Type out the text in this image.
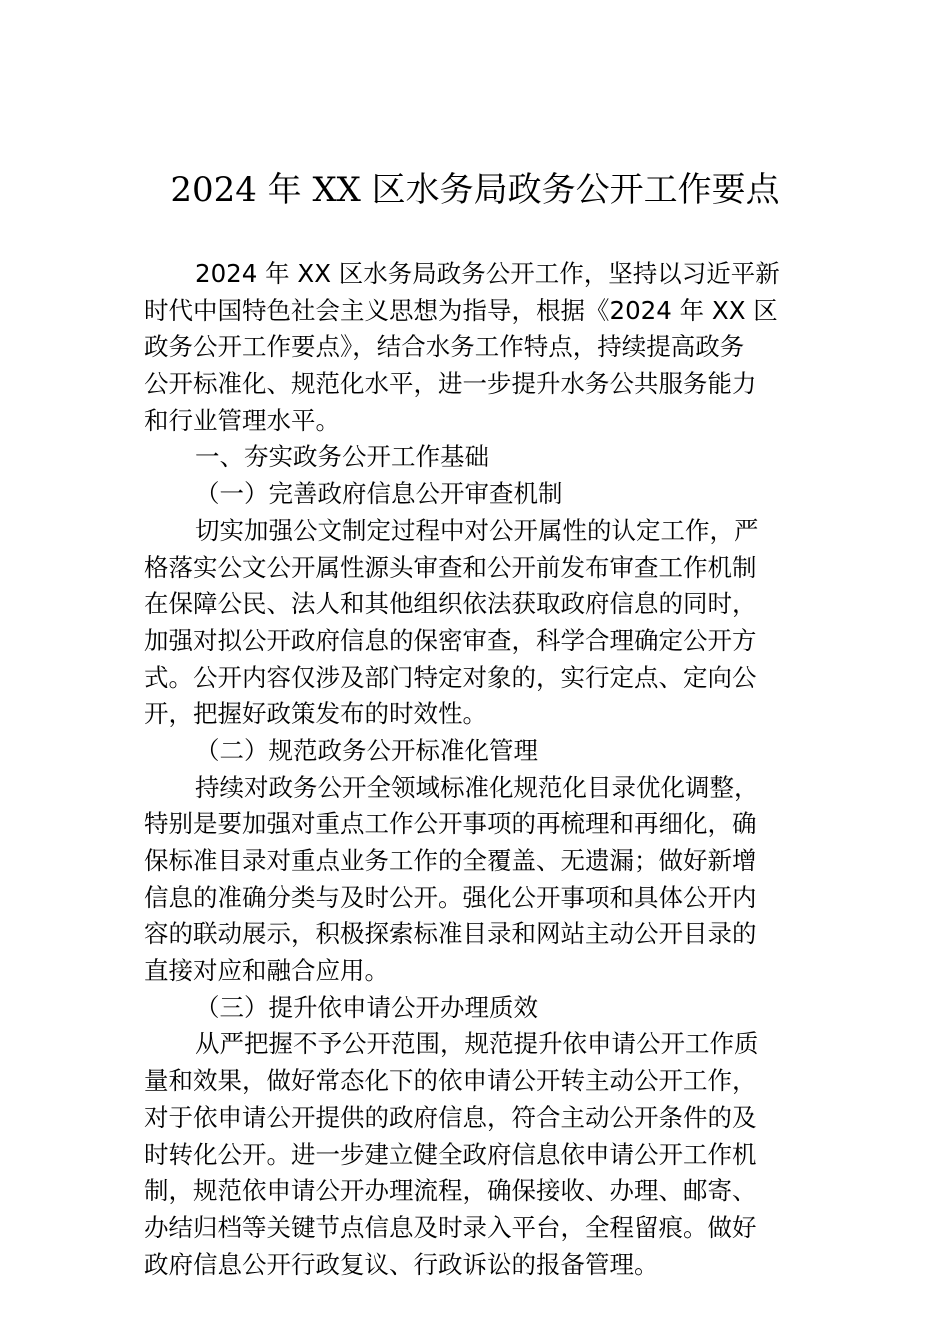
2024 年 XX 区水务局政务公开工作要点
2024 年 XX 区水务局政务公开工作，坚持以习近平新
时代中国特色社会主义思想为指导，根据《2024 年 XX 区
政务公开工作要点》，结合水务工作特点，持续提高政务
公开标准化、规范化水平，进一步提升水务公共服务能力
和行业管理水平。
一、夯实政务公开工作基础
（一）完善政府信息公开审查机制
切实加强公文制定过程中对公开属性的认定工作，严
格落实公文公开属性源头审查和公开前发布审查工作机制
在保障公民、法人和其他组织依法获取政府信息的同时，
加强对拟公开政府信息的保密审查，科学合理确定公开方
式。公开内容仅涉及部门特定对象的，实行定点、定向公
开，把握好政策发布的时效性。
（二）规范政务公开标准化管理
持续对政务公开全领域标准化规范化目录优化调整，
特别是要加强对重点工作公开事项的再梳理和再细化，确
保标准目录对重点业务工作的全覆盖、无遗漏；做好新增
信息的准确分类与及时公开。强化公开事项和具体公开内
容的联动展示，积极探索标准目录和网站主动公开目录的
直接对应和融合应用。
（三）提升依申请公开办理质效
从严把握不予公开范围，规范提升依申请公开工作质
量和效果，做好常态化下的依申请公开转主动公开工作，
对于依申请公开提供的政府信息，符合主动公开条件的及
时转化公开。进一步建立健全政府信息依申请公开工作机
制，规范依申请公开办理流程，确保接收、办理、邮寄、
办结归档等关键节点信息及时录入平台，全程留痕。做好
政府信息公开行政复议、行政诉讼的报备管理。
